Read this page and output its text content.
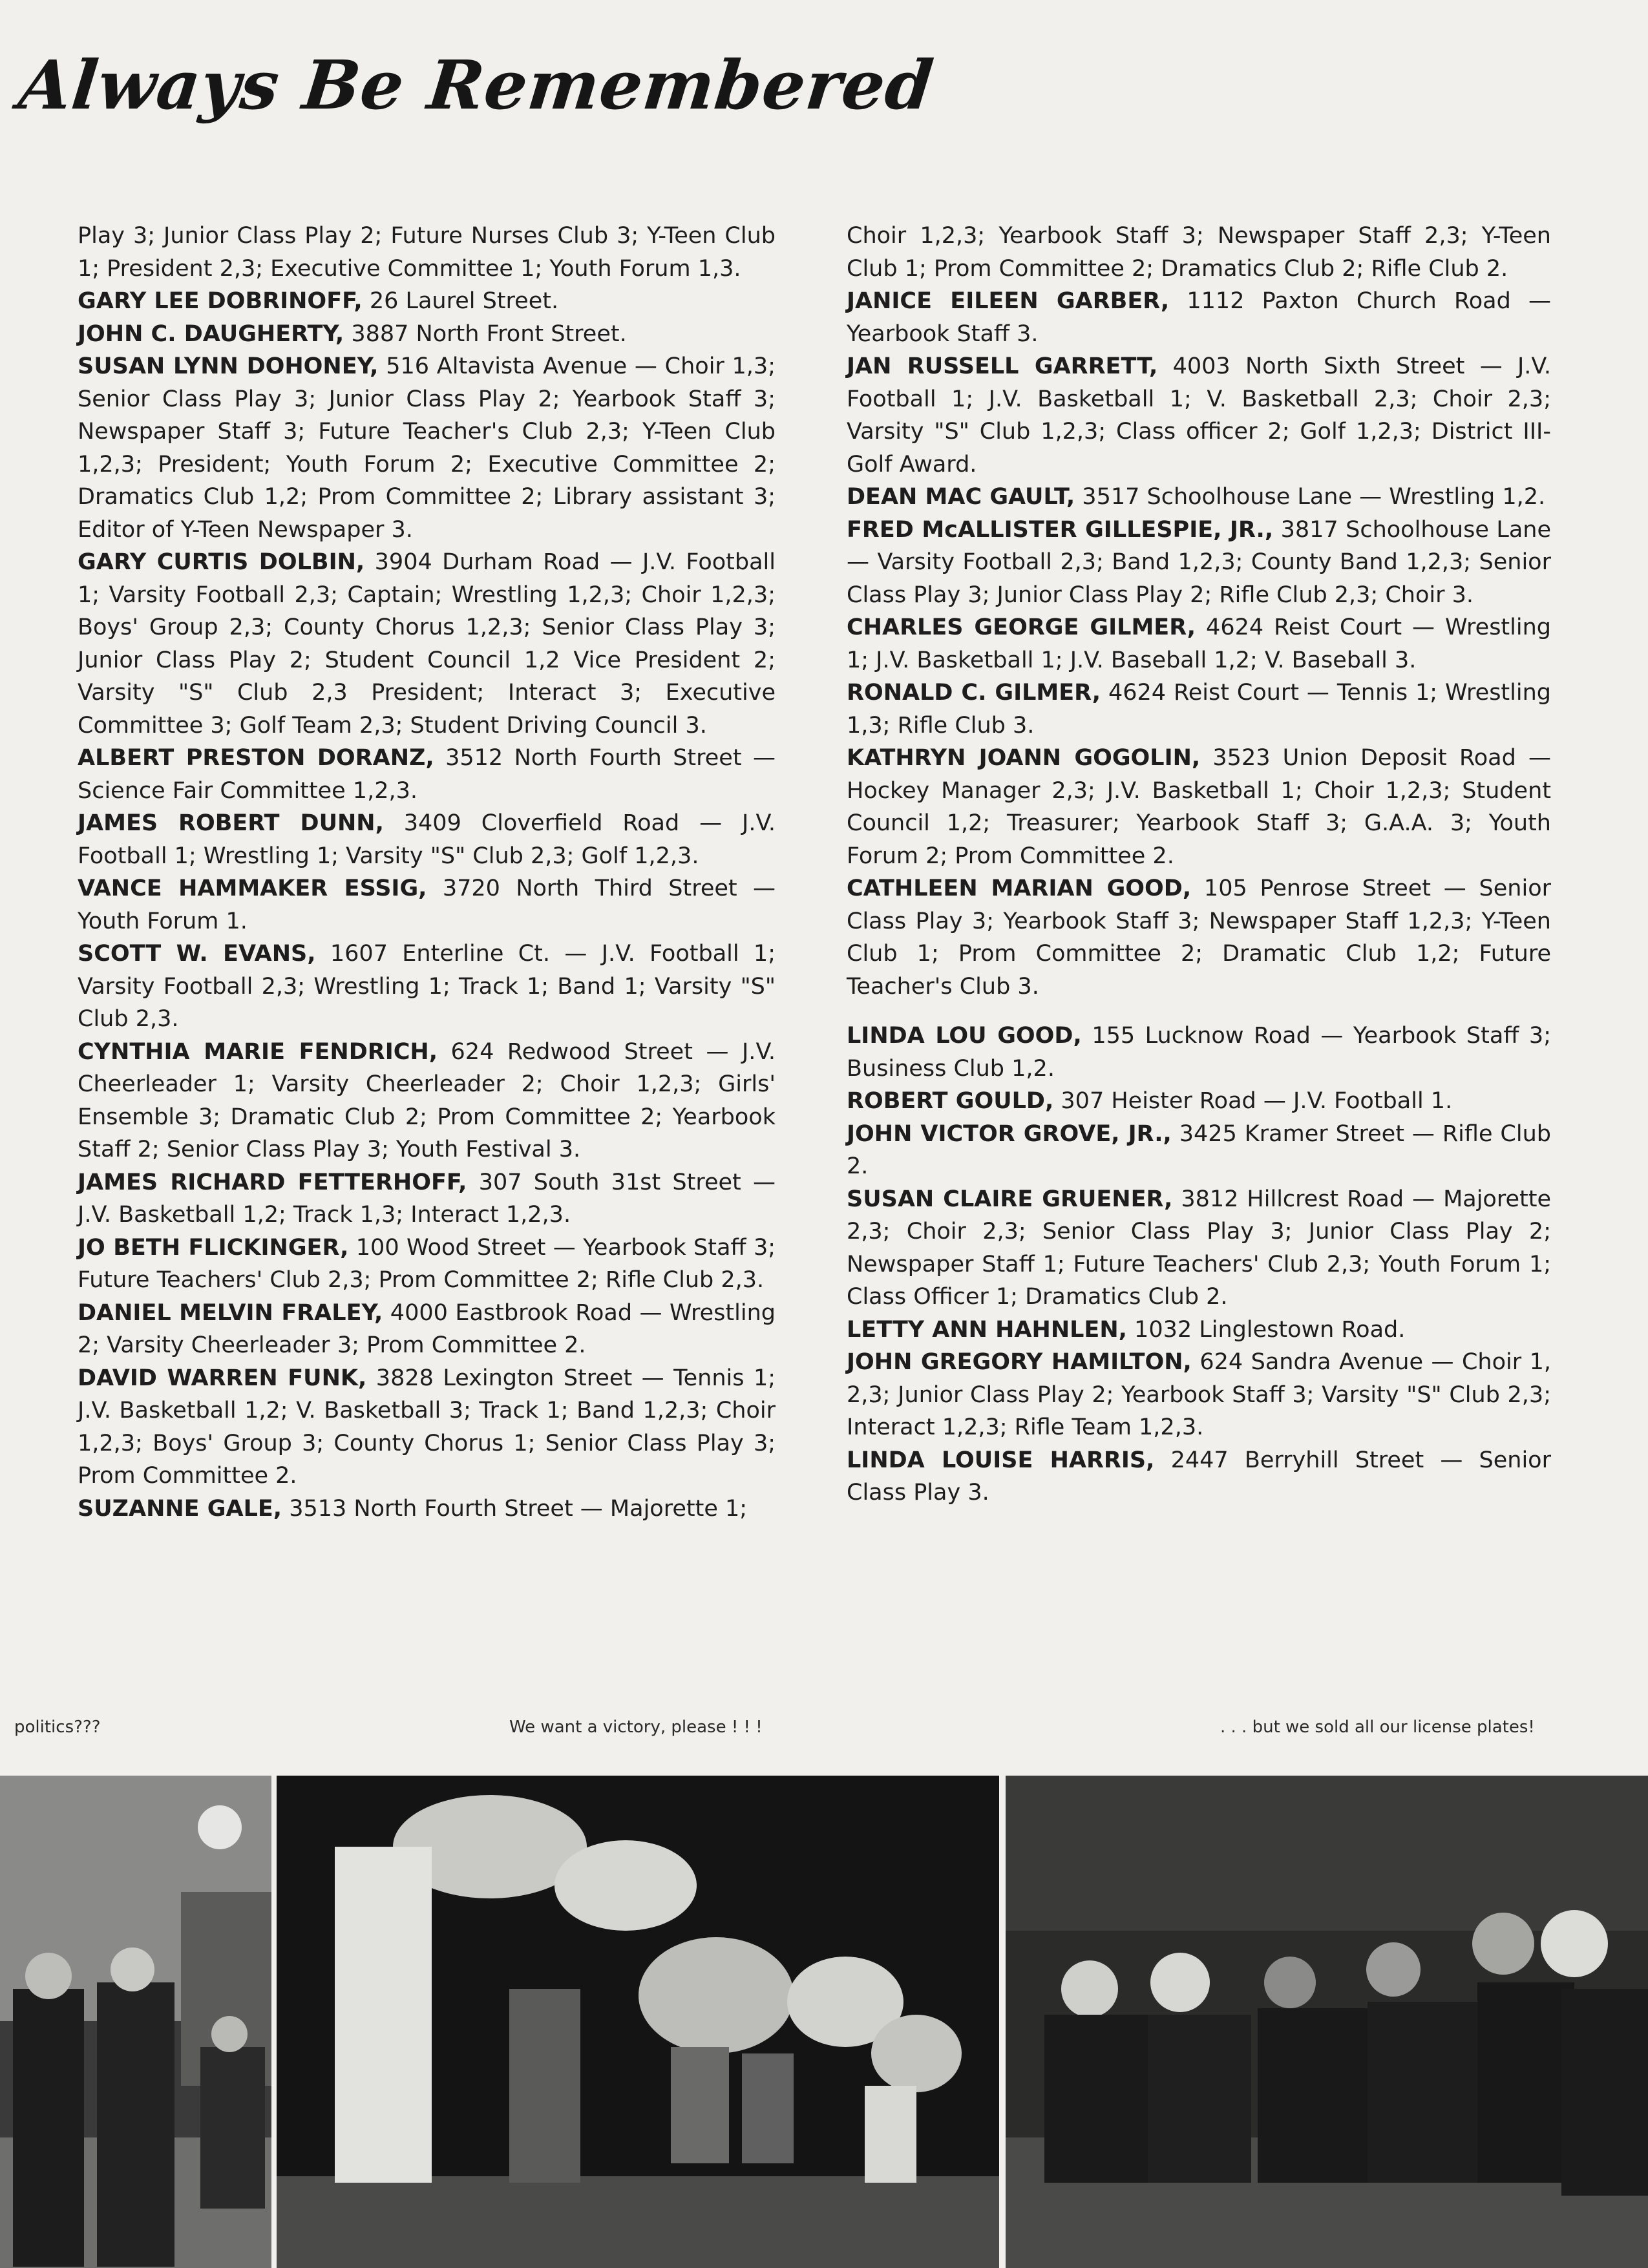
Always Be Remembered

Play 3; Junior Class Play 2; Future Nurses Club 3; Y-Teen Club 1; President 2,3; Executive Committee 1; Youth Forum 1,3.

GARY LEE DOBRINOFF, 26 Laurel Street.

JOHN C. DAUGHERTY, 3887 North Front Street.

SUSAN LYNN DOHONEY, 516 Altavista Avenue — Choir 1,3; Senior Class Play 3; Junior Class Play 2; Yearbook Staff 3; Newspaper Staff 3; Future Teacher's Club 2,3; Y-Teen Club 1,2,3; President; Youth Forum 2; Executive Committee 2; Dramatics Club 1,2; Prom Committee 2; Library assistant 3; Editor of Y-Teen Newspaper 3.

GARY CURTIS DOLBIN, 3904 Durham Road — J.V. Football 1; Varsity Football 2,3; Captain; Wrestling 1,2,3; Choir 1,2,3; Boys' Group 2,3; County Chorus 1,2,3; Senior Class Play 3; Junior Class Play 2; Student Council 1,2 Vice President 2; Varsity "S" Club 2,3 President; Interact 3; Executive Committee 3; Golf Team 2,3; Student Driving Council 3.

ALBERT PRESTON DORANZ, 3512 North Fourth Street — Science Fair Committee 1,2,3.

JAMES ROBERT DUNN, 3409 Cloverfield Road — J.V. Football 1; Wrestling 1; Varsity "S" Club 2,3; Golf 1,2,3.

VANCE HAMMAKER ESSIG, 3720 North Third Street — Youth Forum 1.

SCOTT W. EVANS, 1607 Enterline Ct. — J.V. Football 1; Varsity Football 2,3; Wrestling 1; Track 1; Band 1; Varsity "S" Club 2,3.

CYNTHIA MARIE FENDRICH, 624 Redwood Street — J.V. Cheerleader 1; Varsity Cheerleader 2; Choir 1,2,3; Girls' Ensemble 3; Dramatic Club 2; Prom Committee 2; Yearbook Staff 2; Senior Class Play 3; Youth Festival 3.

JAMES RICHARD FETTERHOFF, 307 South 31st Street — J.V. Basketball 1,2; Track 1,3; Interact 1,2,3.

JO BETH FLICKINGER, 100 Wood Street — Yearbook Staff 3; Future Teachers' Club 2,3; Prom Committee 2; Rifle Club 2,3.

DANIEL MELVIN FRALEY, 4000 Eastbrook Road — Wrestling 2; Varsity Cheerleader 3; Prom Committee 2.

DAVID WARREN FUNK, 3828 Lexington Street — Tennis 1; J.V. Basketball 1,2; V. Basketball 3; Track 1; Band 1,2,3; Choir 1,2,3; Boys' Group 3; County Chorus 1; Senior Class Play 3; Prom Committee 2.

SUZANNE GALE, 3513 North Fourth Street — Majorette 1;

Choir 1,2,3; Yearbook Staff 3; Newspaper Staff 2,3; Y-Teen Club 1; Prom Committee 2; Dramatics Club 2; Rifle Club 2.

JANICE EILEEN GARBER, 1112 Paxton Church Road — Yearbook Staff 3.

JAN RUSSELL GARRETT, 4003 North Sixth Street — J.V. Football 1; J.V. Basketball 1; V. Basketball 2,3; Choir 2,3; Varsity "S" Club 1,2,3; Class officer 2; Golf 1,2,3; District III-Golf Award.

DEAN MAC GAULT, 3517 Schoolhouse Lane — Wrestling 1,2.

FRED McALLISTER GILLESPIE, JR., 3817 Schoolhouse Lane — Varsity Football 2,3; Band 1,2,3; County Band 1,2,3; Senior Class Play 3; Junior Class Play 2; Rifle Club 2,3; Choir 3.

CHARLES GEORGE GILMER, 4624 Reist Court — Wrestling 1; J.V. Basketball 1; J.V. Baseball 1,2; V. Baseball 3.

RONALD C. GILMER, 4624 Reist Court — Tennis 1; Wrestling 1,3; Rifle Club 3.

KATHRYN JOANN GOGOLIN, 3523 Union Deposit Road — Hockey Manager 2,3; J.V. Basketball 1; Choir 1,2,3; Student Council 1,2; Treasurer; Yearbook Staff 3; G.A.A. 3; Youth Forum 2; Prom Committee 2.

CATHLEEN MARIAN GOOD, 105 Penrose Street — Senior Class Play 3; Yearbook Staff 3; Newspaper Staff 1,2,3; Y-Teen Club 1; Prom Committee 2; Dramatic Club 1,2; Future Teacher's Club 3.

LINDA LOU GOOD, 155 Lucknow Road — Yearbook Staff 3; Business Club 1,2.

ROBERT GOULD, 307 Heister Road — J.V. Football 1.

JOHN VICTOR GROVE, JR., 3425 Kramer Street — Rifle Club 2.

SUSAN CLAIRE GRUENER, 3812 Hillcrest Road — Majorette 2,3; Choir 2,3; Senior Class Play 3; Junior Class Play 2; Newspaper Staff 1; Future Teachers' Club 2,3; Youth Forum 1; Class Officer 1; Dramatics Club 2.

LETTY ANN HAHNLEN, 1032 Linglestown Road.

JOHN GREGORY HAMILTON, 624 Sandra Avenue — Choir 1, 2,3; Junior Class Play 2; Yearbook Staff 3; Varsity "S" Club 2,3; Interact 1,2,3; Rifle Team 1,2,3.

LINDA LOUISE HARRIS, 2447 Berryhill Street — Senior Class Play 3.

politics???	We want a victory, please ! ! !	. . . but we sold all our license plates!
